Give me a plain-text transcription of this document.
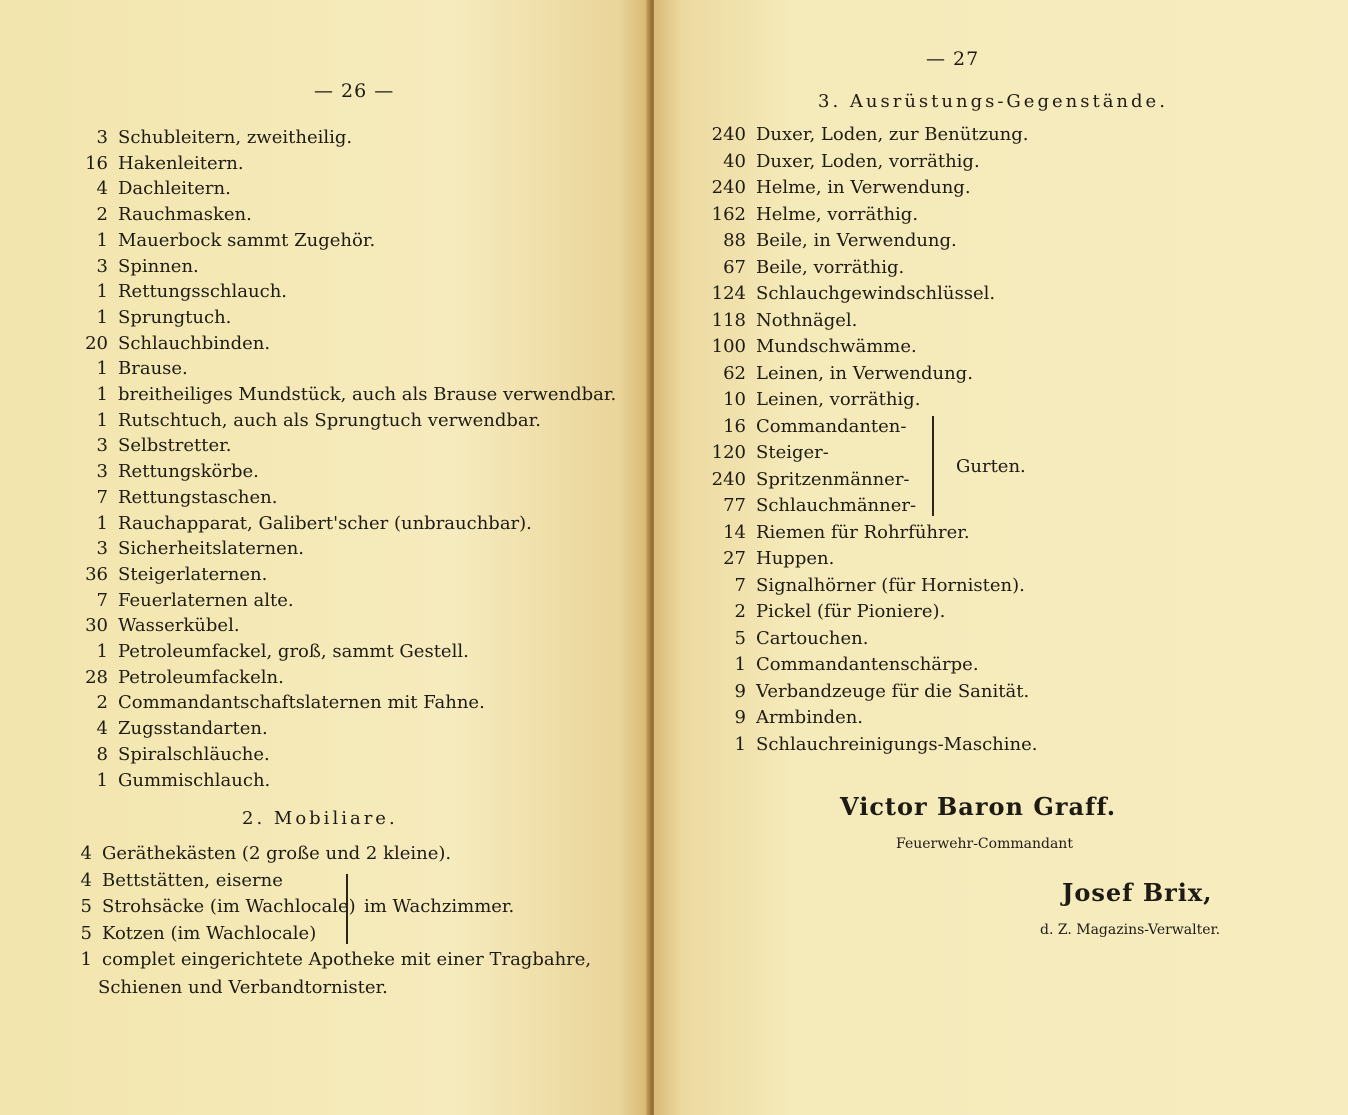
— 26 —
3 Schubleitern, zweitheilig.
16 Hakenleitern.
4 Dachleitern.
2 Rauchmasken.
1 Mauerbock sammt Zugehör.
3 Spinnen.
1 Rettungsschlauch.
1 Sprungtuch.
20 Schlauchbinden.
1 Brause.
1 breitheiliges Mundstück, auch als Brause verwendbar.
1 Rutschtuch, auch als Sprungtuch verwendbar.
3 Selbstretter.
3 Rettungskörbe.
7 Rettungstaschen.
1 Rauchapparat, Galibert'scher (unbrauchbar).
3 Sicherheitslaternen.
36 Steigerlaternen.
7 Feuerlaternen alte.
30 Wasserkübel.
1 Petroleumfackel, groß, sammt Gestell.
28 Petroleumfackeln.
2 Commandantschaftslaternen mit Fahne.
4 Zugsstandarten.
8 Spiralschläuche.
1 Gummischlauch.
2. Mobiliare.
4 Geräthekästen (2 große und 2 kleine).
4 Bettstätten, eiserne
5 Strohsäcke (im Wachlocale)
5 Kotzen (im Wachlocale)
1 complet eingerichtete Apotheke mit einer Tragbahre,
im Wachzimmer.
Schienen und Verbandtornister.
— 27
3. Ausrüstungs-Gegenstände.
240 Duxer, Loden, zur Benützung.
40 Duxer, Loden, vorräthig.
240 Helme, in Verwendung.
162 Helme, vorräthig.
88 Beile, in Verwendung.
67 Beile, vorräthig.
124 Schlauchgewindschlüssel.
118 Nothnägel.
100 Mundschwämme.
62 Leinen, in Verwendung.
10 Leinen, vorräthig.
16 Commandanten-
120 Steiger-
240 Spritzenmänner-
77 Schlauchmänner-
14 Riemen für Rohrführer.
27 Huppen.
7 Signalhörner (für Hornisten).
2 Pickel (für Pioniere).
5 Cartouchen.
1 Commandantenschärpe.
9 Verbandzeuge für die Sanität.
9 Armbinden.
1 Schlauchreinigungs-Maschine.
Gurten.
Victor Baron Graff.
Feuerwehr-Commandant
Josef Brix,
d. Z. Magazins-Verwalter.
